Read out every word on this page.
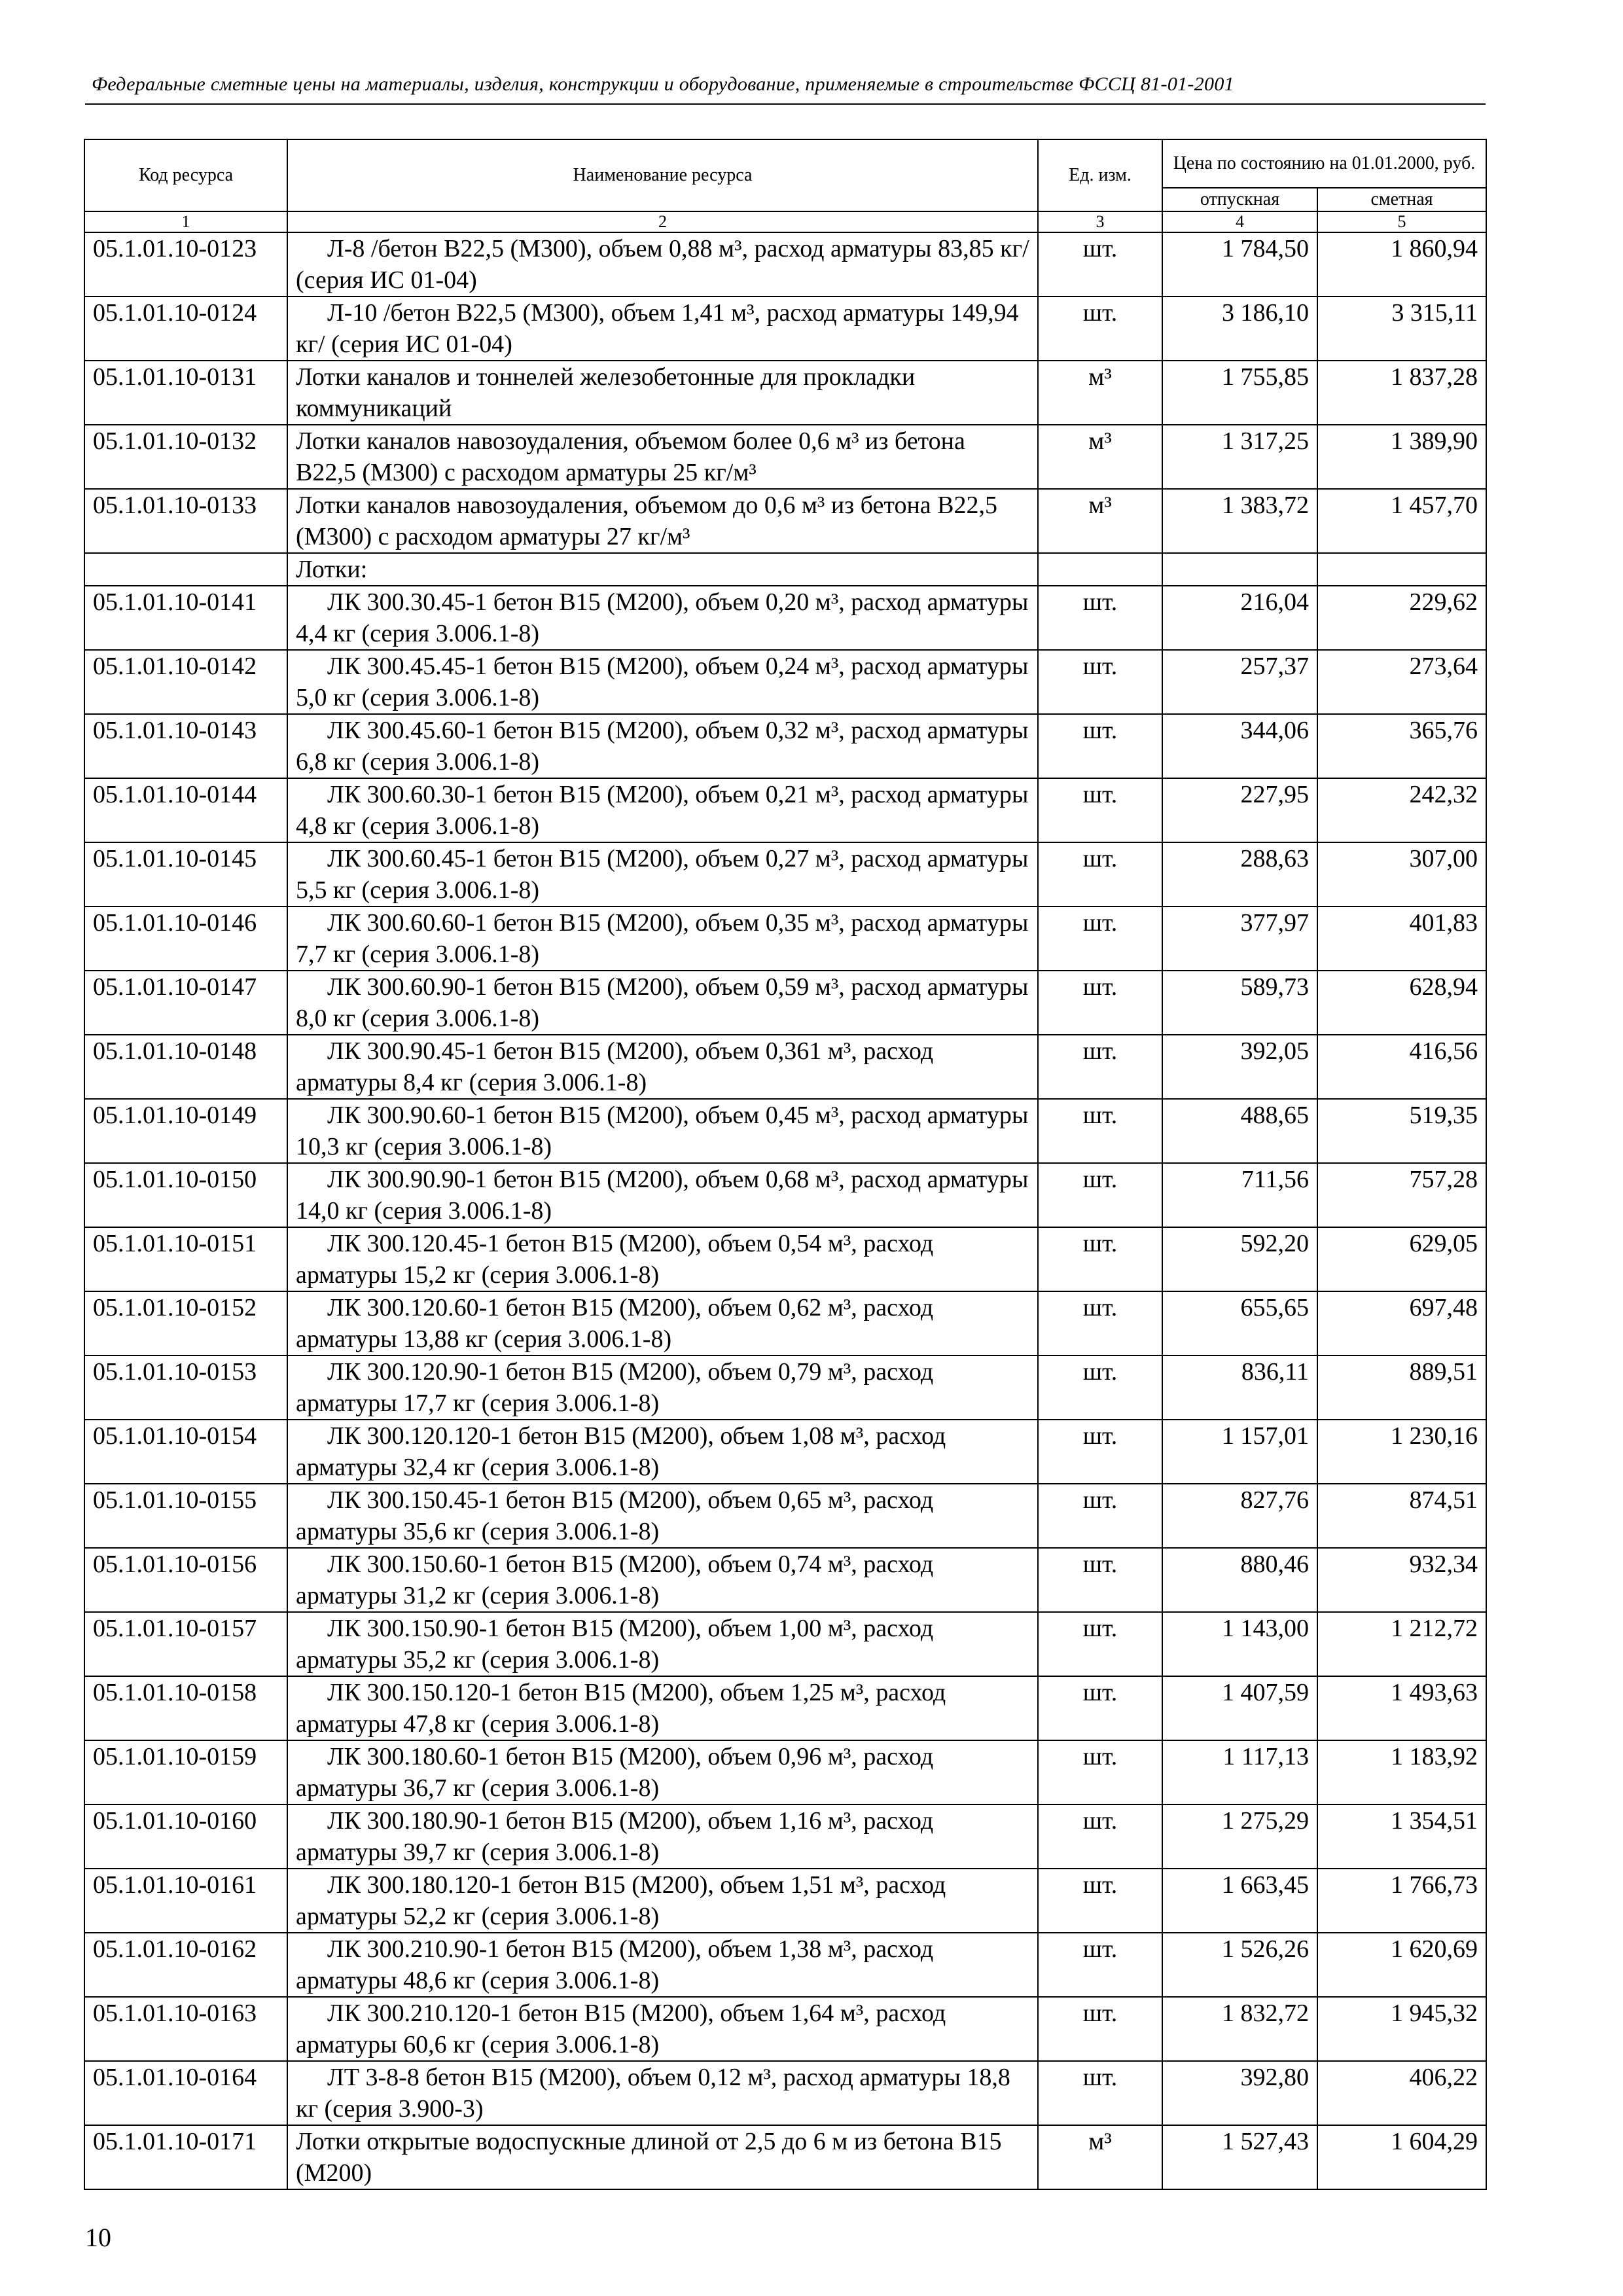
Федеральные сметные цены на материалы, изделия, конструкции и оборудование, применяемые в строительстве ФССЦ 81-01-2001
Код ресурса	Наименование ресурса	Ед. изм.	Цена по состоянию на 01.01.2000, руб.	
			отпускная	сметная
1	2	3	4	5
05.1.01.10-0123	Л-8 /бетон В22,5 (М300), объем 0,88 м³, расход арматуры 83,85 кг/ (серия ИС 01-04)	шт.	1 784,50	1 860,94
05.1.01.10-0124	Л-10 /бетон В22,5 (М300), объем 1,41 м³, расход арматуры 149,94 кг/ (серия ИС 01-04)	шт.	3 186,10	3 315,11
05.1.01.10-0131	Лотки каналов и тоннелей железобетонные для прокладки коммуникаций	м³	1 755,85	1 837,28
05.1.01.10-0132	Лотки каналов навозоудаления, объемом более 0,6 м³ из бетона В22,5 (М300) с расходом арматуры 25 кг/м³	м³	1 317,25	1 389,90
05.1.01.10-0133	Лотки каналов навозоудаления, объемом до 0,6 м³ из бетона В22,5 (М300) с расходом арматуры 27 кг/м³	м³	1 383,72	1 457,70
	Лотки:			
05.1.01.10-0141	ЛК 300.30.45-1 бетон В15 (М200), объем 0,20 м³, расход арматуры 4,4 кг (серия 3.006.1-8)	шт.	216,04	229,62
05.1.01.10-0142	ЛК 300.45.45-1 бетон В15 (М200), объем 0,24 м³, расход арматуры 5,0 кг (серия 3.006.1-8)	шт.	257,37	273,64
05.1.01.10-0143	ЛК 300.45.60-1 бетон В15 (М200), объем 0,32 м³, расход арматуры 6,8 кг (серия 3.006.1-8)	шт.	344,06	365,76
05.1.01.10-0144	ЛК 300.60.30-1 бетон В15 (М200), объем 0,21 м³, расход арматуры 4,8 кг (серия 3.006.1-8)	шт.	227,95	242,32
05.1.01.10-0145	ЛК 300.60.45-1 бетон В15 (М200), объем 0,27 м³, расход арматуры 5,5 кг (серия 3.006.1-8)	шт.	288,63	307,00
05.1.01.10-0146	ЛК 300.60.60-1 бетон В15 (М200), объем 0,35 м³, расход арматуры 7,7 кг (серия 3.006.1-8)	шт.	377,97	401,83
05.1.01.10-0147	ЛК 300.60.90-1 бетон В15 (М200), объем 0,59 м³, расход арматуры 8,0 кг (серия 3.006.1-8)	шт.	589,73	628,94
05.1.01.10-0148	ЛК 300.90.45-1 бетон В15 (М200), объем 0,361 м³, расход арматуры 8,4 кг (серия 3.006.1-8)	шт.	392,05	416,56
05.1.01.10-0149	ЛК 300.90.60-1 бетон В15 (М200), объем 0,45 м³, расход арматуры 10,3 кг (серия 3.006.1-8)	шт.	488,65	519,35
05.1.01.10-0150	ЛК 300.90.90-1 бетон В15 (М200), объем 0,68 м³, расход арматуры 14,0 кг (серия 3.006.1-8)	шт.	711,56	757,28
05.1.01.10-0151	ЛК 300.120.45-1 бетон В15 (М200), объем 0,54 м³, расход арматуры 15,2 кг (серия 3.006.1-8)	шт.	592,20	629,05
05.1.01.10-0152	ЛК 300.120.60-1 бетон В15 (М200), объем 0,62 м³, расход арматуры 13,88 кг (серия 3.006.1-8)	шт.	655,65	697,48
05.1.01.10-0153	ЛК 300.120.90-1 бетон В15 (М200), объем 0,79 м³, расход арматуры 17,7 кг (серия 3.006.1-8)	шт.	836,11	889,51
05.1.01.10-0154	ЛК 300.120.120-1 бетон В15 (М200), объем 1,08 м³, расход арматуры 32,4 кг (серия 3.006.1-8)	шт.	1 157,01	1 230,16
05.1.01.10-0155	ЛК 300.150.45-1 бетон В15 (М200), объем 0,65 м³, расход арматуры 35,6 кг (серия 3.006.1-8)	шт.	827,76	874,51
05.1.01.10-0156	ЛК 300.150.60-1 бетон В15 (М200), объем 0,74 м³, расход арматуры 31,2 кг (серия 3.006.1-8)	шт.	880,46	932,34
05.1.01.10-0157	ЛК 300.150.90-1 бетон В15 (М200), объем 1,00 м³, расход арматуры 35,2 кг (серия 3.006.1-8)	шт.	1 143,00	1 212,72
05.1.01.10-0158	ЛК 300.150.120-1 бетон В15 (М200), объем 1,25 м³, расход арматуры 47,8 кг (серия 3.006.1-8)	шт.	1 407,59	1 493,63
05.1.01.10-0159	ЛК 300.180.60-1 бетон В15 (М200), объем 0,96 м³, расход арматуры 36,7 кг (серия 3.006.1-8)	шт.	1 117,13	1 183,92
05.1.01.10-0160	ЛК 300.180.90-1 бетон В15 (М200), объем 1,16 м³, расход арматуры 39,7 кг (серия 3.006.1-8)	шт.	1 275,29	1 354,51
05.1.01.10-0161	ЛК 300.180.120-1 бетон В15 (М200), объем 1,51 м³, расход арматуры 52,2 кг (серия 3.006.1-8)	шт.	1 663,45	1 766,73
05.1.01.10-0162	ЛК 300.210.90-1 бетон В15 (М200), объем 1,38 м³, расход арматуры 48,6 кг (серия 3.006.1-8)	шт.	1 526,26	1 620,69
05.1.01.10-0163	ЛК 300.210.120-1 бетон В15 (М200), объем 1,64 м³, расход арматуры 60,6 кг (серия 3.006.1-8)	шт.	1 832,72	1 945,32
05.1.01.10-0164	ЛТ 3-8-8 бетон В15 (М200), объем 0,12 м³, расход арматуры 18,8 кг (серия 3.900-3)	шт.	392,80	406,22
05.1.01.10-0171	Лотки открытые водоспускные длиной от 2,5 до 6 м из бетона В15 (М200)	м³	1 527,43	1 604,29
10
